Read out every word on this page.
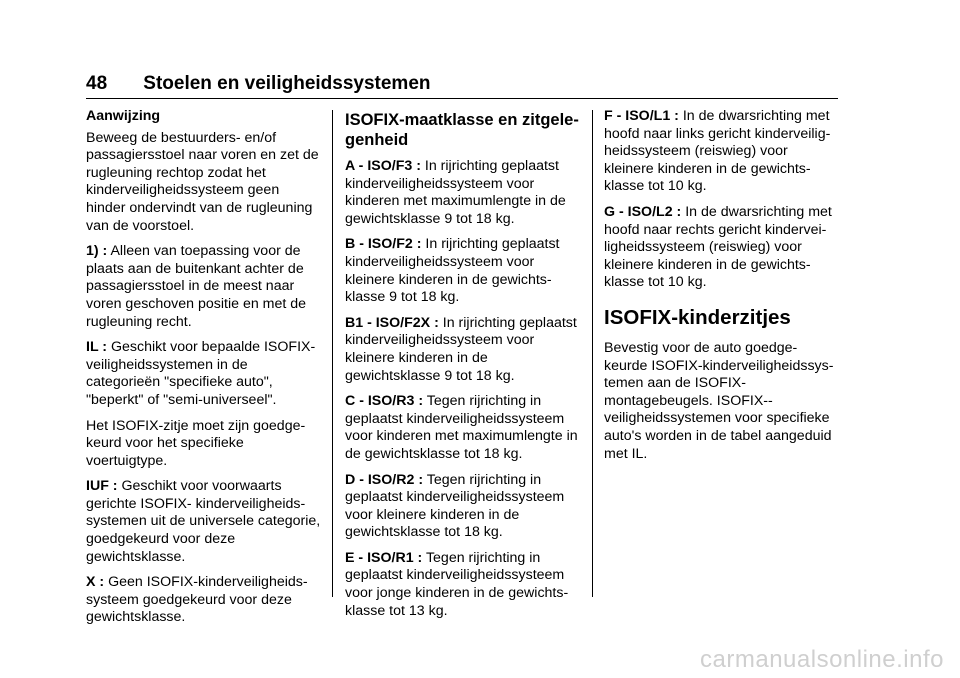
48 Stoelen en veiligheidssystemen

Aanwijzing

Beweeg de bestuurders- en/of passagiersstoel naar voren en zet de rugleuning rechtop zodat het kinderveiligheidssysteem geen hinder ondervindt van de rugleuning van de voorstoel.

1) : Alleen van toepassing voor de plaats aan de buitenkant achter de passagiersstoel in de meest naar voren geschoven positie en met de rugleuning recht.

IL : Geschikt voor bepaalde ISOFIX-veiligheidssystemen in de categorieën "specifieke auto", "beperkt" of "semi-universeel".

Het ISOFIX-zitje moet zijn goedge-keurd voor het specifieke voertuigtype.

IUF : Geschikt voor voorwaarts gerichte ISOFIX- kinderveiligheids-systemen uit de universele categorie, goedgekeurd voor deze gewichtsklasse.

X : Geen ISOFIX-kinderveiligheids-systeem goedgekeurd voor deze gewichtsklasse.

ISOFIX-maatklasse en zitgele-genheid

A - ISO/F3 : In rijrichting geplaatst kinderveiligheidssysteem voor kinderen met maximumlengte in de gewichtsklasse 9 tot 18 kg.

B - ISO/F2 : In rijrichting geplaatst kinderveiligheidssysteem voor kleinere kinderen in de gewichts-klasse 9 tot 18 kg.

B1 - ISO/F2X : In rijrichting geplaatst kinderveiligheidssysteem voor kleinere kinderen in de gewichtsklasse 9 tot 18 kg.

C - ISO/R3 : Tegen rijrichting in geplaatst kinderveiligheidssysteem voor kinderen met maximumlengte in de gewichtsklasse tot 18 kg.

D - ISO/R2 : Tegen rijrichting in geplaatst kinderveiligheidssysteem voor kleinere kinderen in de gewichtsklasse tot 18 kg.

E - ISO/R1 : Tegen rijrichting in geplaatst kinderveiligheidssysteem voor jonge kinderen in de gewichts-klasse tot 13 kg.

F - ISO/L1 : In de dwarsrichting met hoofd naar links gericht kinderveilig-heidssysteem (reiswieg) voor kleinere kinderen in de gewichts-klasse tot 10 kg.

G - ISO/L2 : In de dwarsrichting met hoofd naar rechts gericht kindervei-ligheidssysteem (reiswieg) voor kleinere kinderen in de gewichts-klasse tot 10 kg.

ISOFIX-kinderzitjes

Bevestig voor de auto goedge-keurde ISOFIX-kinderveiligheidssys-temen aan de ISOFIX-montagebeugels. ISOFIX--veiligheidssystemen voor specifieke auto's worden in de tabel aangeduid met IL.

carmanualsonline.info
